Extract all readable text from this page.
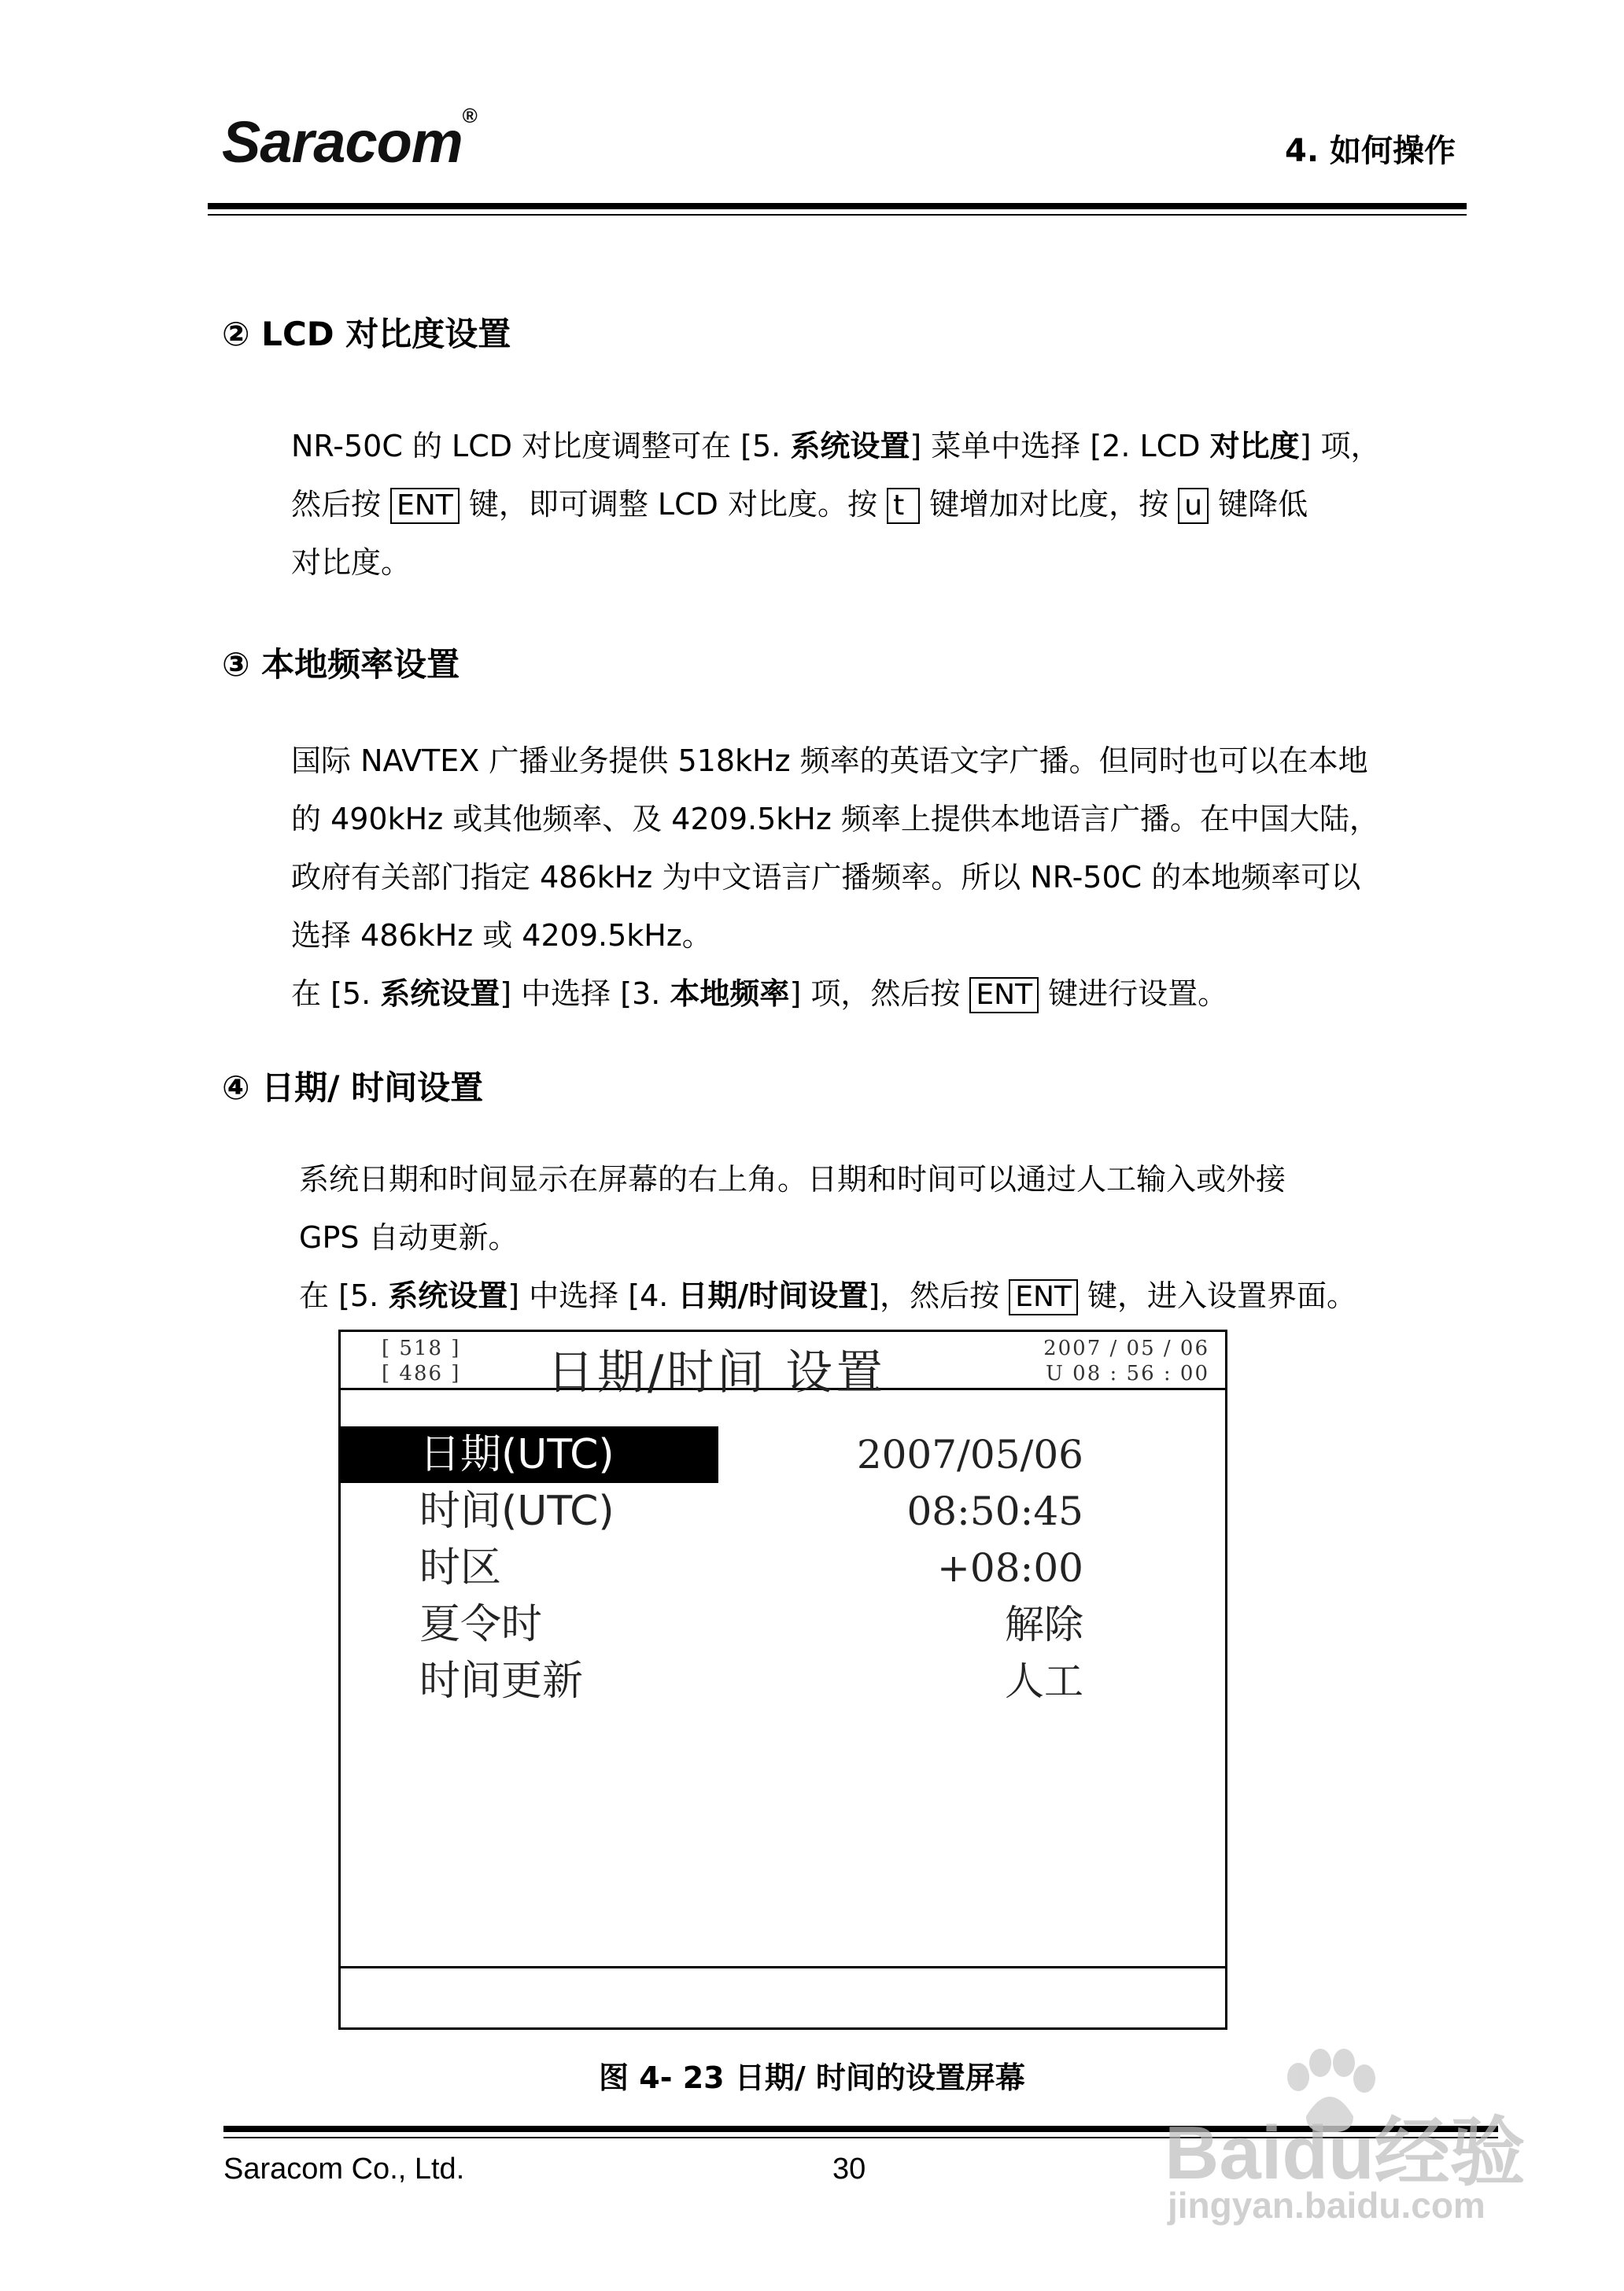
Saracom®
4. 如何操作
② LCD 对比度设置
NR-50C 的 LCD 对比度调整可在 [5. 系统设置] 菜单中选择 [2. LCD 对比度] 项，
然后按 ENT 键，即可调整 LCD 对比度。按 t 键增加对比度，按 u 键降低
对比度。
③ 本地频率设置
国际 NAVTEX 广播业务提供 518kHz 频率的英语文字广播。但同时也可以在本地
的 490kHz 或其他频率、及 4209.5kHz 频率上提供本地语言广播。在中国大陆，
政府有关部门指定 486kHz 为中文语言广播频率。所以 NR-50C 的本地频率可以
选择 486kHz 或 4209.5kHz。
在 [5. 系统设置] 中选择 [3. 本地频率] 项，然后按 ENT 键进行设置。
④ 日期/ 时间设置
系统日期和时间显示在屏幕的右上角。日期和时间可以通过人工输入或外接
GPS 自动更新。
在 [5. 系统设置] 中选择 [4. 日期/时间设置]，然后按 ENT 键，进入设置界面。
[ 518 ]
[ 486 ] 日期/时间 设置	2007 / 05 / 06
U 08 : 56 : 00
日期(UTC)	2007/05/06
时间(UTC)	08:50:45
时区	+08:00
夏令时	解除
时间更新	人工
图 4- 23 日期/ 时间的设置屏幕
Saracom Co., Ltd.	30	Baidu经验
jingyan.baidu.com
